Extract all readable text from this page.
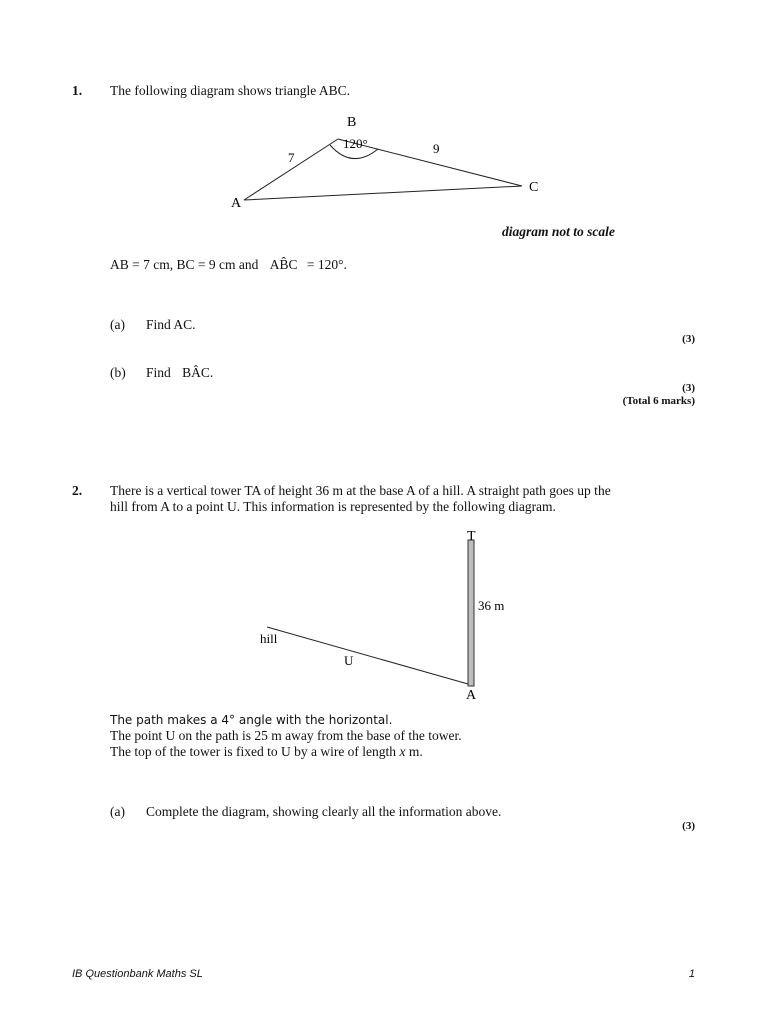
1. The following diagram shows triangle ABC.
B
120°
7
9
C
A
diagram not to scale
AB = 7 cm, BC = 9 cm and AB̂C = 120°.
(a) Find AC.
(3)
(b) Find BÂC.
(3)
(Total 6 marks)
2. There is a vertical tower TA of height 36 m at the base A of a hill. A straight path goes up the
hill from A to a point U. This information is represented by the following diagram.
T
36 m
hill
U
A
The path makes a 4° angle with the horizontal.
The point U on the path is 25 m away from the base of the tower.
The top of the tower is fixed to U by a wire of length x m.
(a) Complete the diagram, showing clearly all the information above.
(3)
IB Questionbank Maths SL	1
